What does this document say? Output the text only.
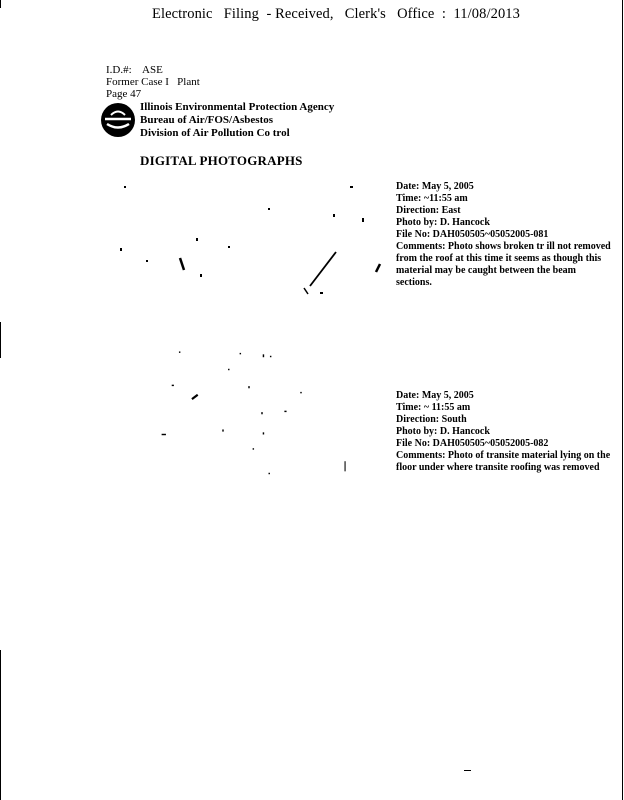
Electronic   Filing  - Received,   Clerk's   Office  :  11/08/2013
I.D.#:    ASE
Former Case I   Plant
Page 47
Illinois Environmental Protection Agency
Bureau of Air/FOS/Asbestos
Division of Air Pollution Co trol
DIGITAL PHOTOGRAPHS
Date: May 5, 2005
Time: ~11:55 am
Direction: East
Photo by: D. Hancock
File No: DAH050505~05052005-081
Comments: Photo shows broken tr ill not removed from the roof at this time it seems as though this material may be caught between the beam sections.
Date: May 5, 2005
Time: ~ 11:55 am
Direction: South
Photo by: D. Hancock
File No: DAH050505~05052005-082
Comments: Photo of transite material lying on the floor under where transite roofing was removed
